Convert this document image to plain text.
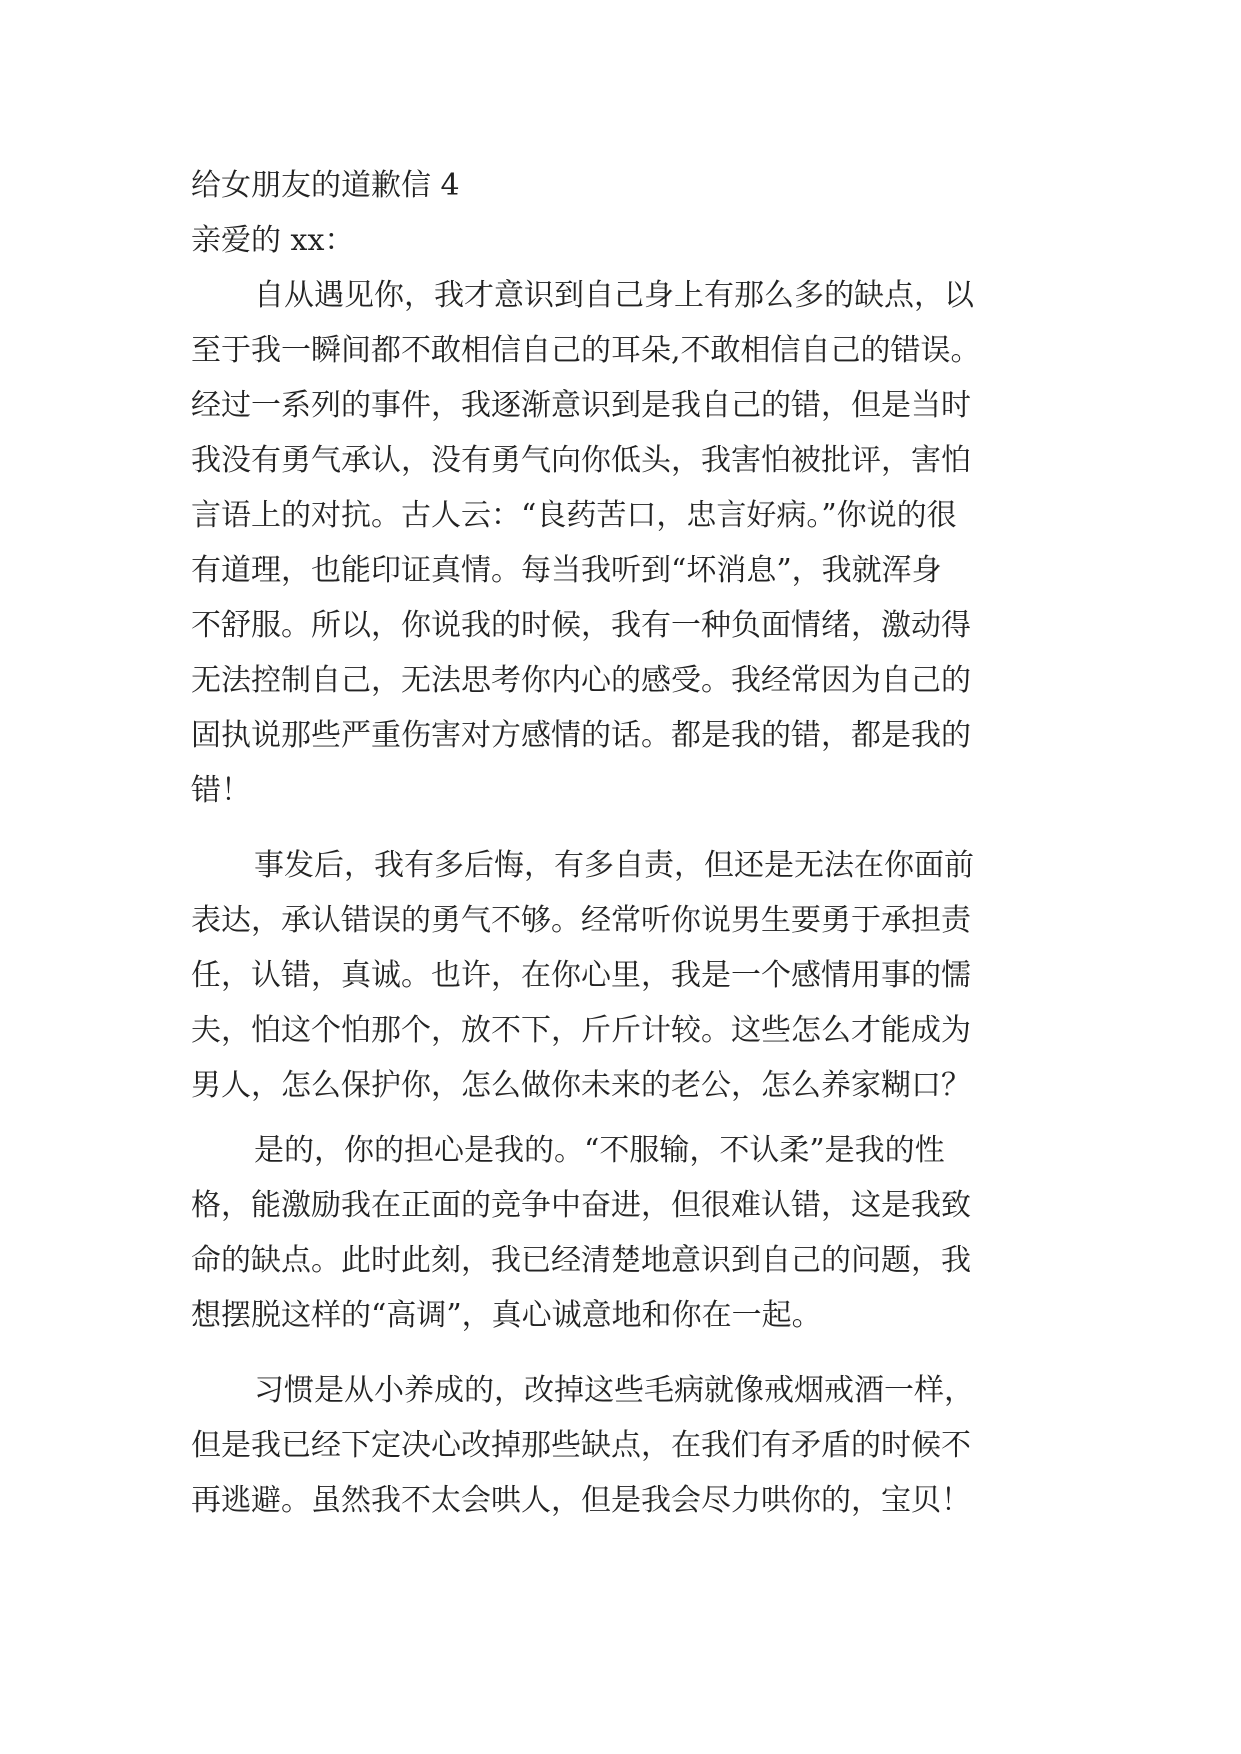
给女朋友的道歉信 4
亲爱的 xx：
自从遇见你，我才意识到自己身上有那么多的缺点，以
至于我一瞬间都不敢相信自己的耳朵,不敢相信自己的错误。
经过一系列的事件，我逐渐意识到是我自己的错，但是当时
我没有勇气承认，没有勇气向你低头，我害怕被批评，害怕
言语上的对抗。古人云：“良药苦口，忠言好病。”你说的很
有道理，也能印证真情。每当我听到“坏消息”，我就浑身
不舒服。所以，你说我的时候，我有一种负面情绪，激动得
无法控制自己，无法思考你内心的感受。我经常因为自己的
固执说那些严重伤害对方感情的话。都是我的错，都是我的
错！
事发后，我有多后悔，有多自责，但还是无法在你面前
表达，承认错误的勇气不够。经常听你说男生要勇于承担责
任，认错，真诚。也许，在你心里，我是一个感情用事的懦
夫，怕这个怕那个，放不下，斤斤计较。这些怎么才能成为
男人，怎么保护你，怎么做你未来的老公，怎么养家糊口？
是的，你的担心是我的。“不服输，不认柔”是我的性
格，能激励我在正面的竞争中奋进，但很难认错，这是我致
命的缺点。此时此刻，我已经清楚地意识到自己的问题，我
想摆脱这样的“高调”，真心诚意地和你在一起。
习惯是从小养成的，改掉这些毛病就像戒烟戒酒一样，
但是我已经下定决心改掉那些缺点，在我们有矛盾的时候不
再逃避。虽然我不太会哄人，但是我会尽力哄你的，宝贝！
